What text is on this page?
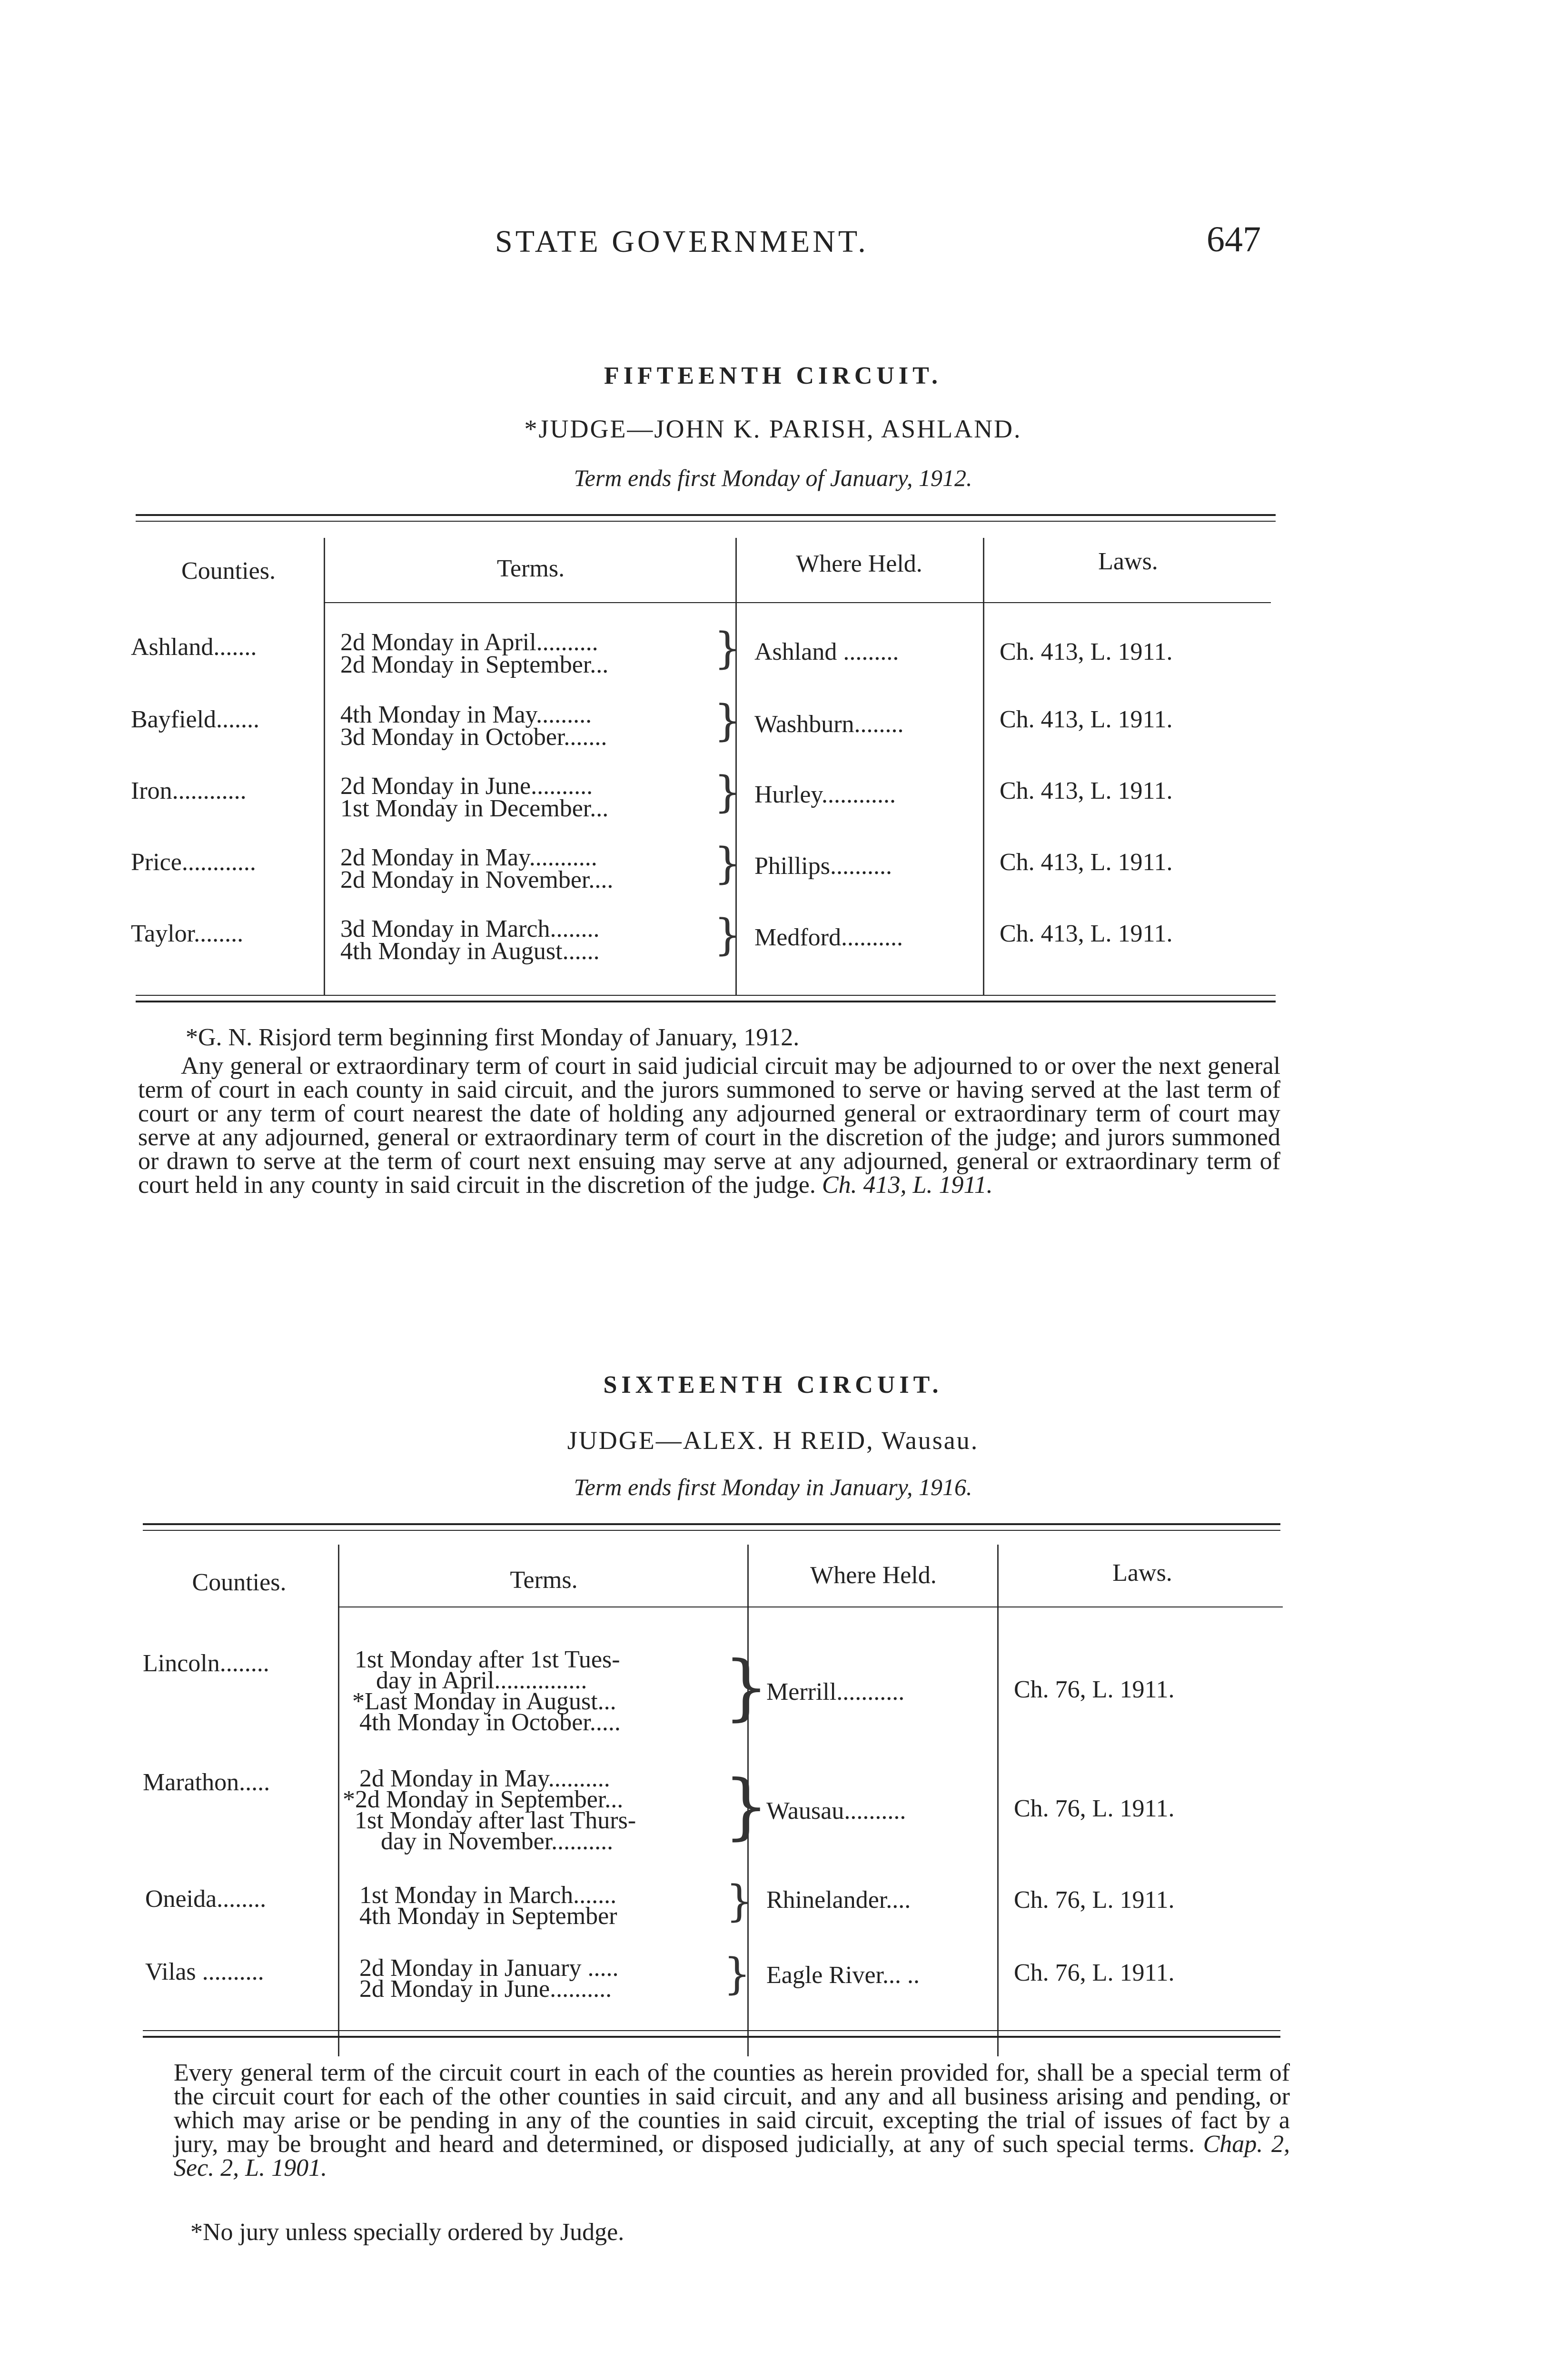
STATE GOVERNMENT.	647
FIFTEENTH CIRCUIT.
*JUDGE—JOHN K. PARISH, ASHLAND.
Term ends first Monday of January, 1912.
Counties.	Terms.	Where Held.	Laws.
Ashland.......	2d Monday in April..........
2d Monday in September... } Ashland .........	Ch. 413, L. 1911.
Bayfield.......	4th Monday in May.........
3d Monday in October....... } Washburn........	Ch. 413, L. 1911.
Iron............	2d Monday in June..........
1st Monday in December... } Hurley............	Ch. 413, L. 1911.
Price............	2d Monday in May...........
2d Monday in November.... } Phillips..........	Ch. 413, L. 1911.
Taylor........	3d Monday in March........
4th Monday in August......	} Medford..........	Ch. 413, L. 1911.
*G. N. Risjord term beginning first Monday of January, 1912.
Any general or extraordinary term of court in said judicial circuit may be adjourned to or over the next general term of court in each county in said circuit, and the jurors summoned to serve or having served at the last term of court or any term of court nearest the date of holding any adjourned general or extraordinary term of court may serve at any adjourned, general or extraordinary term of court in the discretion of the judge; and jurors summoned or drawn to serve at the term of court next ensuing may serve at any adjourned, general or extraordinary term of court held in any county in said circuit in the discretion of the judge. Ch. 413, L. 1911.
SIXTEENTH CIRCUIT.
JUDGE—ALEX. H REID, Wausau.
Term ends first Monday in January, 1916.
Counties.	Terms.	Where Held.	Laws.
Lincoln........	1st Monday after 1st Tues-
day in April...............
*Last Monday in August...
4th Monday in October..... }
Merrill...........	Ch. 76, L. 1911.
Marathon.....	2d Monday in May..........
*2d Monday in September...
1st Monday after last Thurs-
day in November.......... }
Wausau..........	Ch. 76, L. 1911.
Oneida........	1st Monday in March.......
4th Monday in September	} Rhinelander....	Ch. 76, L. 1911.
Vilas ..........	2d Monday in January .....
2d Monday in June..........	} Eagle River... ..	Ch. 76, L. 1911.
Every general term of the circuit court in each of the counties as herein provided for, shall be a special term of the circuit court for each of the other counties in said circuit, and any and all business arising and pending, or which may arise or be pending in any of the counties in said circuit, excepting the trial of issues of fact by a jury, may be brought and heard and determined, or disposed judicially, at any of such special terms. Chap. 2, Sec. 2, L. 1901.
*No jury unless specially ordered by Judge.
